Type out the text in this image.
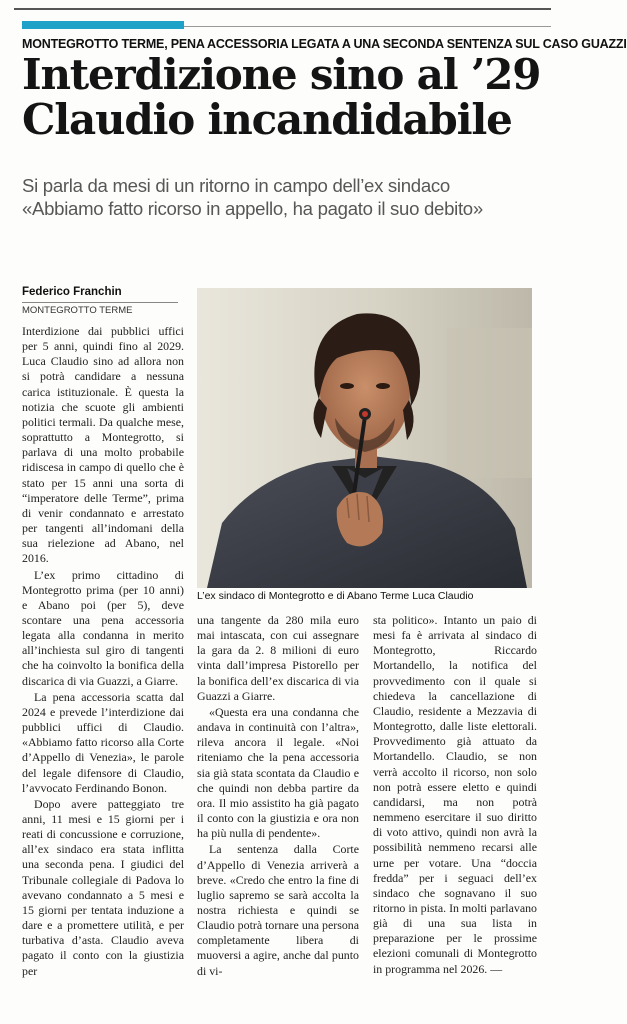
MONTEGROTTO TERME, PENA ACCESSORIA LEGATA A UNA SECONDA SENTENZA SUL CASO GUAZZI
Interdizione sino al ’29
Claudio incandidabile
Si parla da mesi di un ritorno in campo dell’ex sindaco
«Abbiamo fatto ricorso in appello, ha pagato il suo debito»
Federico Franchin
MONTEGROTTO TERME
L’ex sindaco di Montegrotto e di Abano Terme Luca Claudio

Interdizione dai pubblici uffici per 5 anni, quindi fino al 2029. Luca Claudio sino ad allora non si potrà candidare a nessuna carica istituzionale. È questa la notizia che scuote gli ambienti politici termali. Da qualche mese, soprattutto a Montegrotto, si parlava di una molto probabile ridiscesa in campo di quello che è stato per 15 anni una sorta di “imperatore delle Terme”, prima di venir condannato e arrestato per tangenti all’indomani della sua rielezione ad Abano, nel 2016.

L’ex primo cittadino di Montegrotto prima (per 10 anni) e Abano poi (per 5), deve scontare una pena accessoria legata alla condanna in merito all’inchiesta sul giro di tangenti che ha coinvolto la bonifica della discarica di via Guazzi, a Giarre.

La pena accessoria scatta dal 2024 e prevede l’interdizione dai pubblici uffici di Claudio. «Abbiamo fatto ricorso alla Corte d’Appello di Venezia», le parole del legale difensore di Claudio, l’avvocato Ferdinando Bonon.

Dopo avere patteggiato tre anni, 11 mesi e 15 giorni per i reati di concussione e corruzione, all’ex sindaco era stata inflitta una seconda pena. I giudici del Tribunale collegiale di Padova lo avevano condannato a 5 mesi e 15 giorni per tentata induzione a dare e a promettere utilità, e per turbativa d’asta. Claudio aveva pagato il conto con la giustizia per

una tangente da 280 mila euro mai intascata, con cui assegnare la gara da 2. 8 milioni di euro vinta dall’impresa Pistorello per la bonifica dell’ex discarica di via Guazzi a Giarre.

«Questa era una condanna che andava in continuità con l’altra», rileva ancora il legale. «Noi riteniamo che la pena accessoria sia già stata scontata da Claudio e che quindi non debba partire da ora. Il mio assistito ha già pagato il conto con la giustizia e ora non ha più nulla di pendente».

La sentenza dalla Corte d’Appello di Venezia arriverà a breve. «Credo che entro la fine di luglio sapremo se sarà accolta la nostra richiesta e quindi se Claudio potrà tornare una persona completamente libera di muoversi a agire, anche dal punto di vi-

sta politico». Intanto un paio di mesi fa è arrivata al sindaco di Montegrotto, Riccardo Mortandello, la notifica del provvedimento con il quale si chiedeva la cancellazione di Claudio, residente a Mezzavia di Montegrotto, dalle liste elettorali. Provvedimento già attuato da Mortandello. Claudio, se non verrà accolto il ricorso, non solo non potrà essere eletto e quindi candidarsi, ma non potrà nemmeno esercitare il suo diritto di voto attivo, quindi non avrà la possibilità nemmeno recarsi alle urne per votare. Una “doccia fredda” per i seguaci dell’ex sindaco che sognavano il suo ritorno in pista. In molti parlavano già di una sua lista in preparazione per le prossime elezioni comunali di Montegrotto in programma nel 2026. —
